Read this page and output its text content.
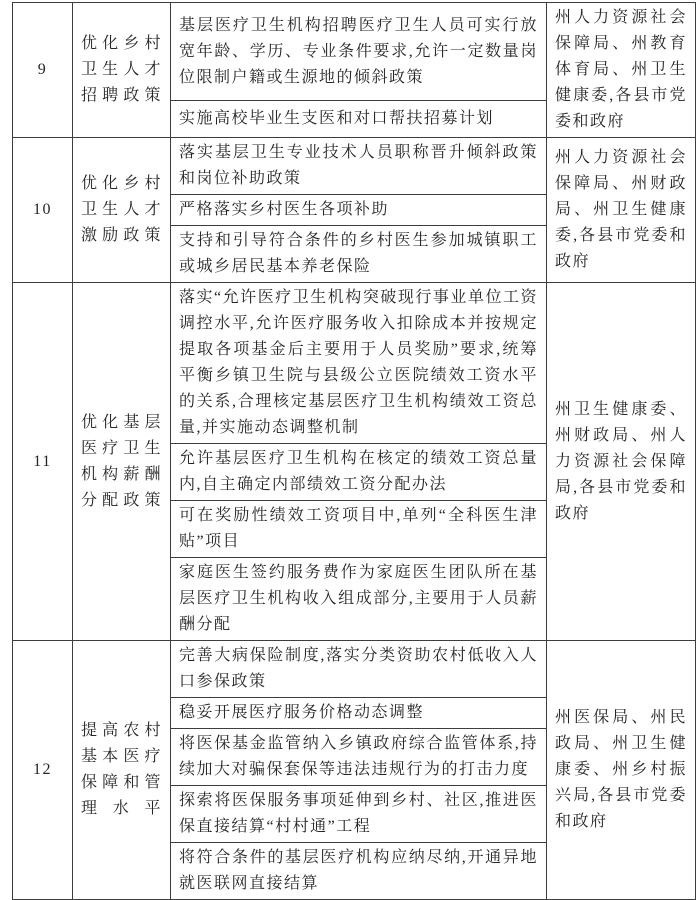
9	优化乡村卫生人才招聘政策	基层医疗卫生机构招聘医疗卫生人员可实行放宽年龄、学历、专业条件要求,允许一定数量岗位限制户籍或生源地的倾斜政策	州人力资源社会保障局、州教育体育局、州卫生健康委,各县市党委和政府
		实施高校毕业生支医和对口帮扶招募计划	
10	优化乡村卫生人才激励政策	落实基层卫生专业技术人员职称晋升倾斜政策和岗位补助政策	州人力资源社会保障局、州财政局、州卫生健康委,各县市党委和政府
		严格落实乡村医生各项补助	
		支持和引导符合条件的乡村医生参加城镇职工或城乡居民基本养老保险	
11	优化基层医疗卫生机构薪酬分配政策	落实“允许医疗卫生机构突破现行事业单位工资调控水平,允许医疗服务收入扣除成本并按规定提取各项基金后主要用于人员奖励”要求,统筹平衡乡镇卫生院与县级公立医院绩效工资水平的关系,合理核定基层医疗卫生机构绩效工资总量,并实施动态调整机制	州卫生健康委、州财政局、州人力资源社会保障局,各县市党委和政府
		允许基层医疗卫生机构在核定的绩效工资总量内,自主确定内部绩效工资分配办法	
		可在奖励性绩效工资项目中,单列“全科医生津贴”项目	
		家庭医生签约服务费作为家庭医生团队所在基层医疗卫生机构收入组成部分,主要用于人员薪酬分配	
12	提高农村基本医疗保障和管理水平	完善大病保险制度,落实分类资助农村低收入人口参保政策	州医保局、州民政局、州卫生健康委、州乡村振兴局,各县市党委和政府
		稳妥开展医疗服务价格动态调整	
		将医保基金监管纳入乡镇政府综合监管体系,持续加大对骗保套保等违法违规行为的打击力度	
		探索将医保服务事项延伸到乡村、社区,推进医保直接结算“村村通”工程	
		将符合条件的基层医疗机构应纳尽纳,开通异地就医联网直接结算	
